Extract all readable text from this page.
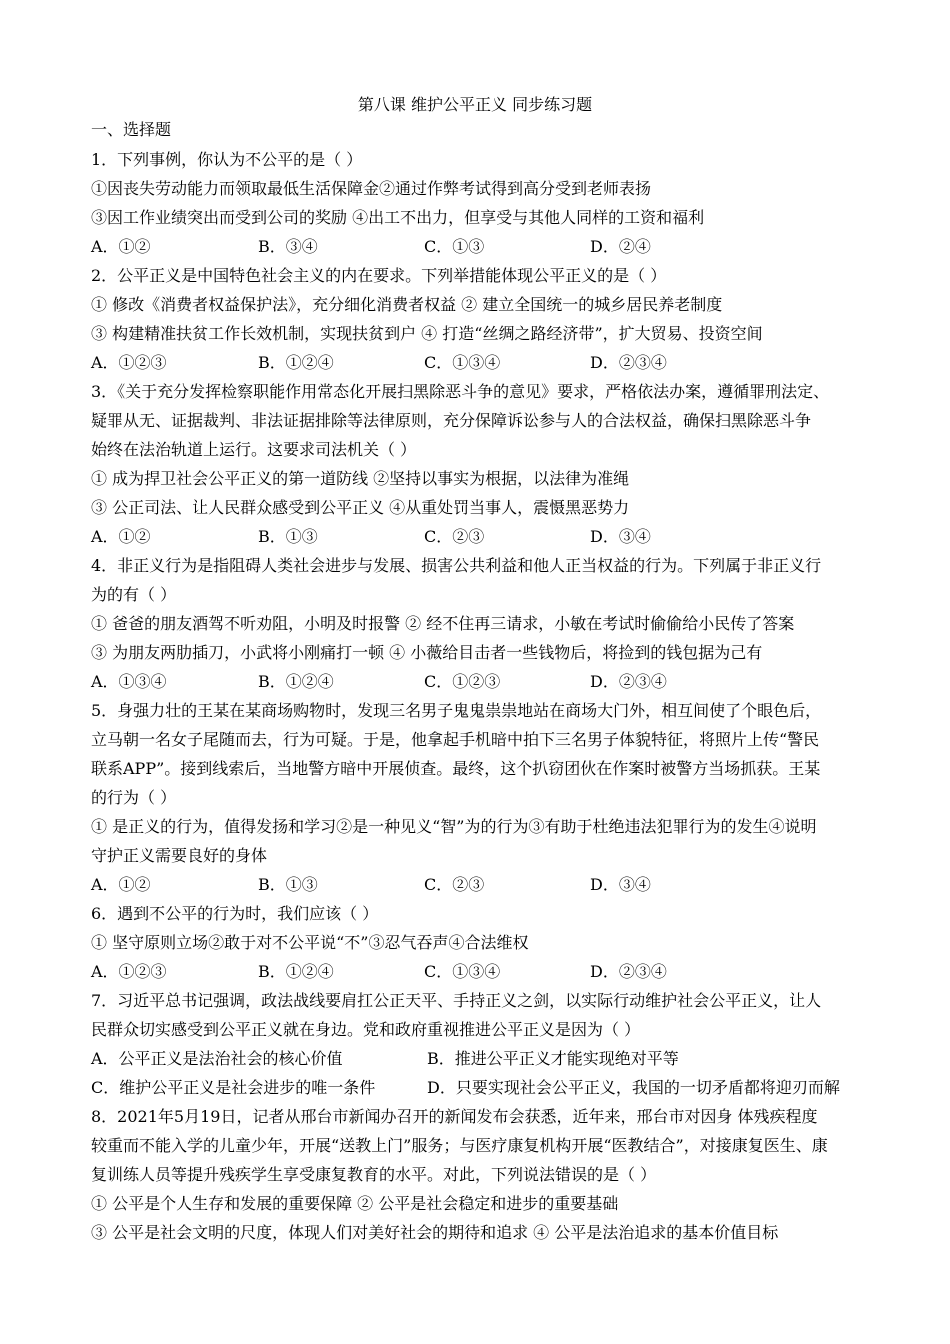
第八课 维护公平正义 同步练习题
一、选择题
1．下列事例，你认为不公平的是（ ）
①因丧失劳动能力而领取最低生活保障金②通过作弊考试得到高分受到老师表扬
③因工作业绩突出而受到公司的奖励 ④出工不出力，但享受与其他人同样的工资和福利
A．①②	B．③④	C．①③	D．②④
2．公平正义是中国特色社会主义的内在要求。下列举措能体现公平正义的是（ ）
① 修改《消费者权益保护法》，充分细化消费者权益 ② 建立全国统一的城乡居民养老制度
③ 构建精准扶贫工作长效机制，实现扶贫到户 ④ 打造“丝绸之路经济带”，扩大贸易、投资空间
A．①②③	B．①②④	C．①③④	D．②③④
3．《关于充分发挥检察职能作用常态化开展扫黑除恶斗争的意见》要求，严格依法办案，遵循罪刑法定、
疑罪从无、证据裁判、非法证据排除等法律原则，充分保障诉讼参与人的合法权益，确保扫黑除恶斗争
始终在法治轨道上运行。这要求司法机关（ ）
① 成为捍卫社会公平正义的第一道防线 ②坚持以事实为根据，以法律为准绳
③ 公正司法、让人民群众感受到公平正义 ④从重处罚当事人，震慑黑恶势力
A．①②	B．①③	C．②③	D．③④
4．非正义行为是指阻碍人类社会进步与发展、损害公共利益和他人正当权益的行为。下列属于非正义行
为的有（ ）
① 爸爸的朋友酒驾不听劝阻，小明及时报警 ② 经不住再三请求，小敏在考试时偷偷给小民传了答案
③ 为朋友两肋插刀，小武将小刚痛打一顿 ④ 小薇给目击者一些钱物后，将捡到的钱包据为己有
A．①③④	B．①②④	C．①②③	D．②③④
5．身强力壮的王某在某商场购物时，发现三名男子鬼鬼祟祟地站在商场大门外，相互间使了个眼色后，
立马朝一名女子尾随而去，行为可疑。于是，他拿起手机暗中拍下三名男子体貌特征，将照片上传“警民
联系APP”。接到线索后，当地警方暗中开展侦查。最终，这个扒窃团伙在作案时被警方当场抓获。王某
的行为（ ）
① 是正义的行为，值得发扬和学习②是一种见义“智”为的行为③有助于杜绝违法犯罪行为的发生④说明
守护正义需要良好的身体
A．①②	B．①③	C．②③	D．③④
6．遇到不公平的行为时，我们应该（ ）
① 坚守原则立场②敢于对不公平说“不”③忍气吞声④合法维权
A．①②③	B．①②④	C．①③④	D．②③④
7．习近平总书记强调，政法战线要肩扛公正天平、手持正义之剑，以实际行动维护社会公平正义，让人
民群众切实感受到公平正义就在身边。党和政府重视推进公平正义是因为（ ）
A．公平正义是法治社会的核心价值	B．推进公平正义才能实现绝对平等
C．维护公平正义是社会进步的唯一条件	D．只要实现社会公平正义，我国的一切矛盾都将迎刃而解
8．2021年5月19日，记者从邢台市新闻办召开的新闻发布会获悉，近年来，邢台市对因身 体残疾程度
较重而不能入学的儿童少年，开展“送教上门”服务；与医疗康复机构开展“医教结合”，对接康复医生、康
复训练人员等提升残疾学生享受康复教育的水平。对此，下列说法错误的是（ ）
① 公平是个人生存和发展的重要保障 ② 公平是社会稳定和进步的重要基础
③ 公平是社会文明的尺度，体现人们对美好社会的期待和追求 ④ 公平是法治追求的基本价值目标
